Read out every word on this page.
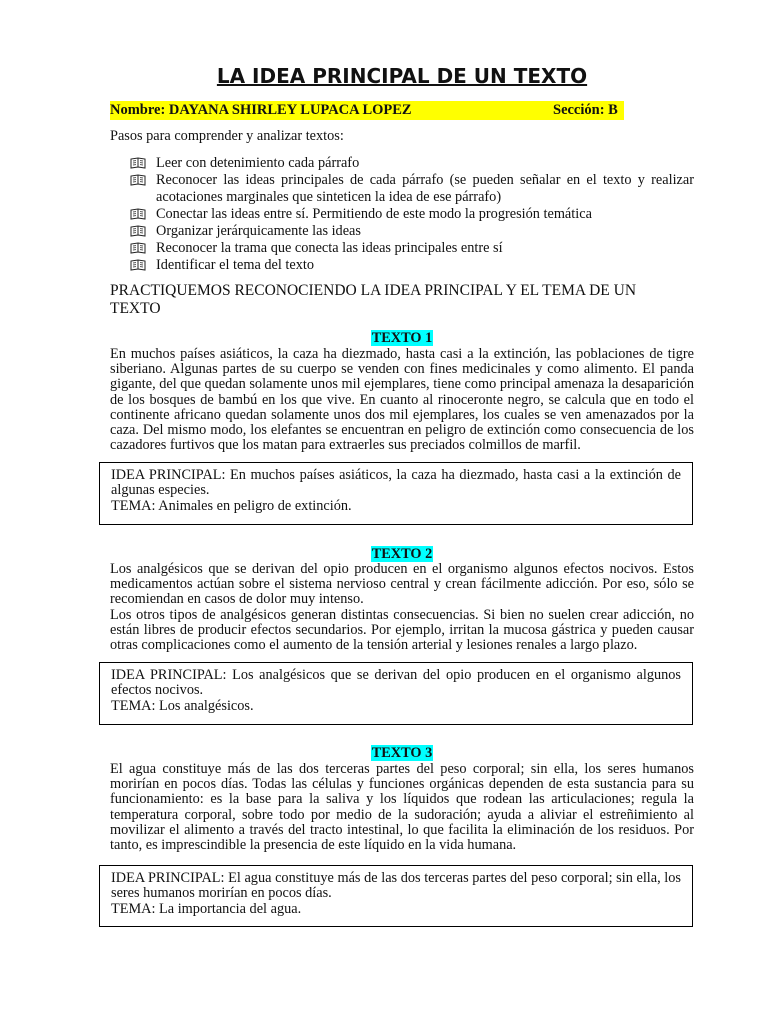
LA IDEA PRINCIPAL DE UN TEXTO
Nombre: DAYANA SHIRLEY LUPACA LOPEZ	Sección: B
Pasos para comprender y analizar textos:
Leer con detenimiento cada párrafo
Reconocer las ideas principales de cada párrafo (se pueden señalar en el texto y realizar acotaciones marginales que sinteticen la idea de ese párrafo)
Conectar las ideas entre sí. Permitiendo de este modo la progresión temática
Organizar jerárquicamente las ideas
Reconocer la trama que conecta las ideas principales entre sí
Identificar el tema del texto
PRACTIQUEMOS RECONOCIENDO LA IDEA PRINCIPAL Y EL TEMA DE UN TEXTO
TEXTO 1

En muchos países asiáticos, la caza ha diezmado, hasta casi a la extinción, las poblaciones de tigre siberiano. Algunas partes de su cuerpo se venden con fines medicinales y como alimento. El panda gigante, del que quedan solamente unos mil ejemplares, tiene como principal amenaza la desaparición de los bosques de bambú en los que vive. En cuanto al rinoceronte negro, se calcula que en todo el continente africano quedan solamente unos dos mil ejemplares, los cuales se ven amenazados por la caza. Del mismo modo, los elefantes se encuentran en peligro de extinción como consecuencia de los cazadores furtivos que los matan para extraerles sus preciados colmillos de marfil.

IDEA PRINCIPAL: En muchos países asiáticos, la caza ha diezmado, hasta casi a la extinción de algunas especies.

TEMA: Animales en peligro de extinción.

TEXTO 2

Los analgésicos que se derivan del opio producen en el organismo algunos efectos nocivos. Estos medicamentos actúan sobre el sistema nervioso central y crean fácilmente adicción. Por eso, sólo se recomiendan en casos de dolor muy intenso.

Los otros tipos de analgésicos generan distintas consecuencias. Si bien no suelen crear adicción, no están libres de producir efectos secundarios. Por ejemplo, irritan la mucosa gástrica y pueden causar otras complicaciones como el aumento de la tensión arterial y lesiones renales a largo plazo.

IDEA PRINCIPAL: Los analgésicos que se derivan del opio producen en el organismo algunos efectos nocivos.

TEMA: Los analgésicos.

TEXTO 3

El agua constituye más de las dos terceras partes del peso corporal; sin ella, los seres humanos morirían en pocos días. Todas las células y funciones orgánicas dependen de esta sustancia para su funcionamiento: es la base para la saliva y los líquidos que rodean las articulaciones; regula la temperatura corporal, sobre todo por medio de la sudoración; ayuda a aliviar el estreñimiento al movilizar el alimento a través del tracto intestinal, lo que facilita la eliminación de los residuos. Por tanto, es imprescindible la presencia de este líquido en la vida humana.

IDEA PRINCIPAL: El agua constituye más de las dos terceras partes del peso corporal; sin ella, los seres humanos morirían en pocos días.

TEMA: La importancia del agua.
